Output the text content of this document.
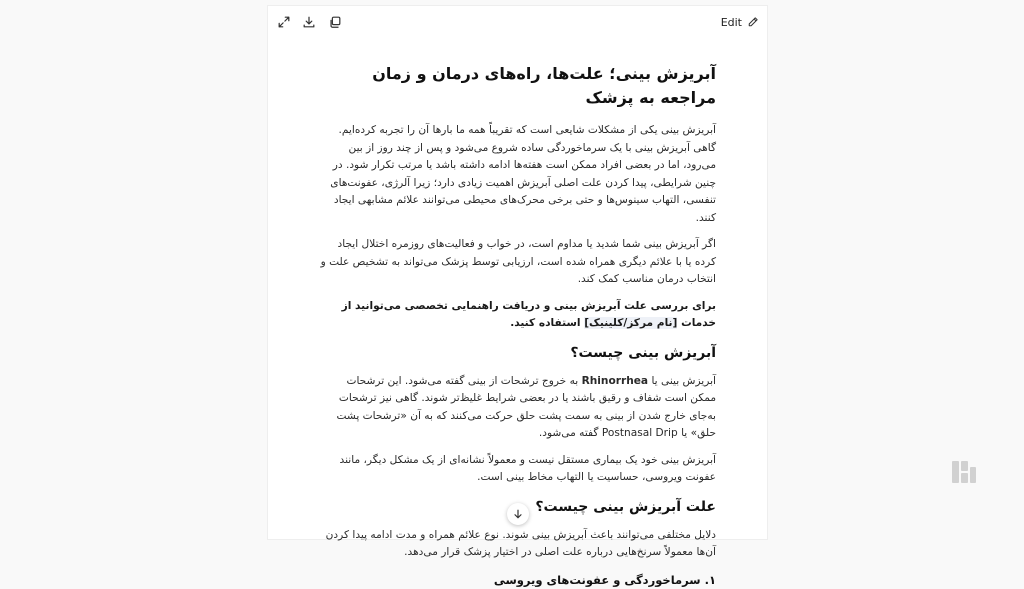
Edit
آبریزش بینی؛ علت‌ها، راه‌های درمان و زمان مراجعه به پزشک

آبریزش بینی یکی از مشکلات شایعی است که تقریباً همه ما بارها آن را تجربه کرده‌ایم. گاهی آبریزش بینی با یک سرماخوردگی ساده شروع می‌شود و پس از چند روز از بین می‌رود، اما در بعضی افراد ممکن است هفته‌ها ادامه داشته باشد یا مرتب تکرار شود. در چنین شرایطی، پیدا کردن علت اصلی آبریزش اهمیت زیادی دارد؛ زیرا آلرژی، عفونت‌های تنفسی، التهاب سینوس‌ها و حتی برخی محرک‌های محیطی می‌توانند علائم مشابهی ایجاد کنند.

اگر آبریزش بینی شما شدید یا مداوم است، در خواب و فعالیت‌های روزمره اختلال ایجاد کرده یا با علائم دیگری همراه شده است، ارزیابی توسط پزشک می‌تواند به تشخیص علت و انتخاب درمان مناسب کمک کند.

برای بررسی علت آبریزش بینی و دریافت راهنمایی تخصصی می‌توانید از خدمات [نام مرکز/کلینیک] استفاده کنید.

آبریزش بینی چیست؟

آبریزش بینی یا Rhinorrhea به خروج ترشحات از بینی گفته می‌شود. این ترشحات ممکن است شفاف و رقیق باشند یا در بعضی شرایط غلیظ‌تر شوند. گاهی نیز ترشحات به‌جای خارج شدن از بینی به سمت پشت حلق حرکت می‌کنند که به آن «ترشحات پشت حلق» یا Postnasal Drip گفته می‌شود.

آبریزش بینی خود یک بیماری مستقل نیست و معمولاً نشانه‌ای از یک مشکل دیگر، مانند عفونت ویروسی، حساسیت یا التهاب مخاط بینی است.

علت آبریزش بینی چیست؟

دلایل مختلفی می‌توانند باعث آبریزش بینی شوند. نوع علائم همراه و مدت ادامه پیدا کردن آن‌ها معمولاً سرنخ‌هایی درباره علت اصلی در اختیار پزشک قرار می‌دهد.

۱. سرماخوردگی و عفونت‌های ویروسی
